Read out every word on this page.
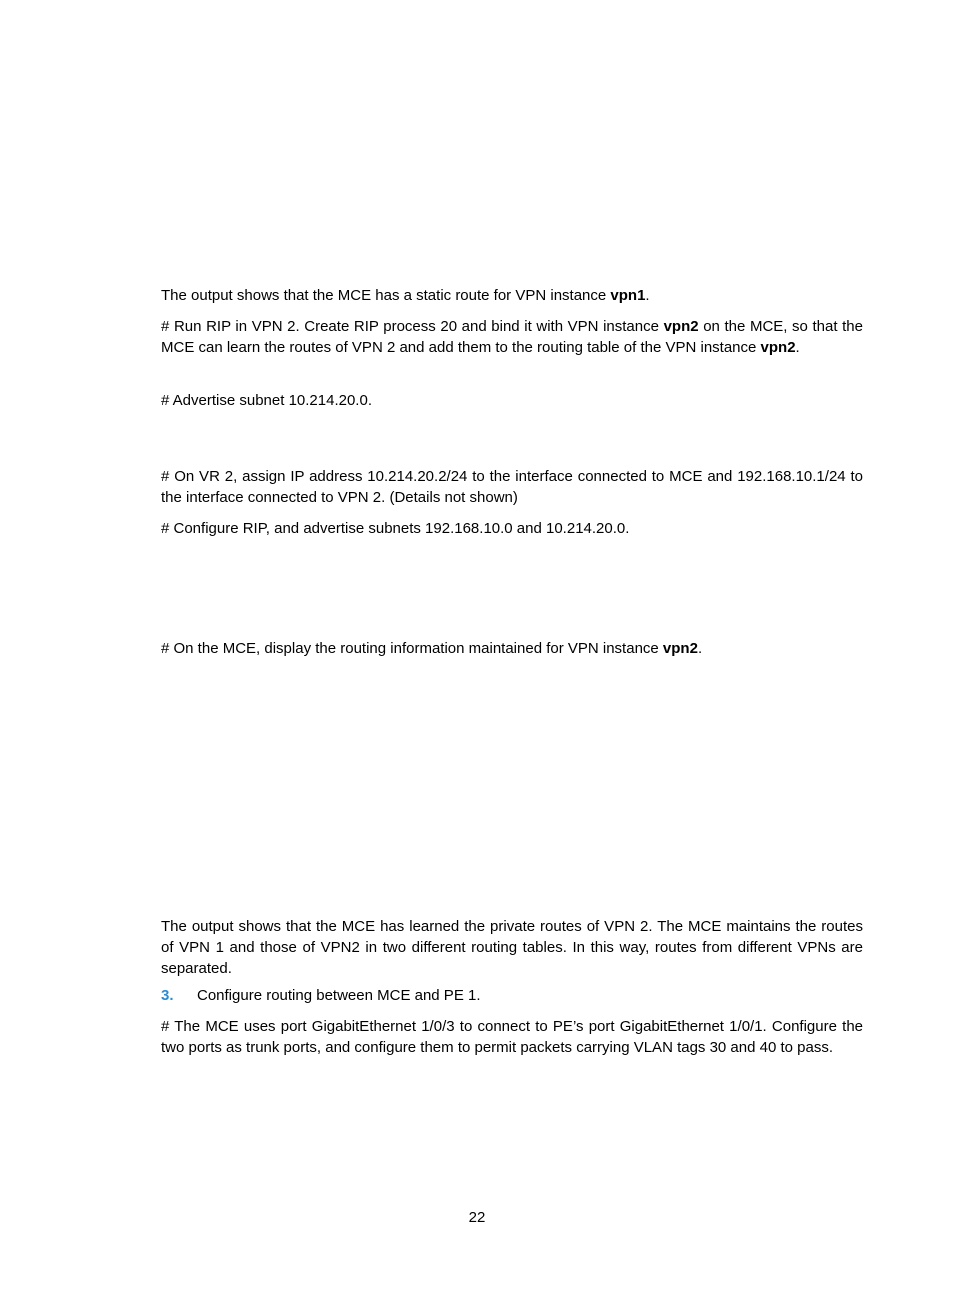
The output shows that the MCE has a static route for VPN instance vpn1.

# Run RIP in VPN 2. Create RIP process 20 and bind it with VPN instance vpn2 on the MCE, so that the MCE can learn the routes of VPN 2 and add them to the routing table of the VPN instance vpn2.

# Advertise subnet 10.214.20.0.

# On VR 2, assign IP address 10.214.20.2/24 to the interface connected to MCE and 192.168.10.1/24 to the interface connected to VPN 2. (Details not shown)

# Configure RIP, and advertise subnets 192.168.10.0 and 10.214.20.0.

# On the MCE, display the routing information maintained for VPN instance vpn2.

The output shows that the MCE has learned the private routes of VPN 2. The MCE maintains the routes of VPN 1 and those of VPN2 in two different routing tables. In this way, routes from different VPNs are separated.

3. Configure routing between MCE and PE 1.

# The MCE uses port GigabitEthernet 1/0/3 to connect to PE’s port GigabitEthernet 1/0/1. Configure the two ports as trunk ports, and configure them to permit packets carrying VLAN tags 30 and 40 to pass.

22
